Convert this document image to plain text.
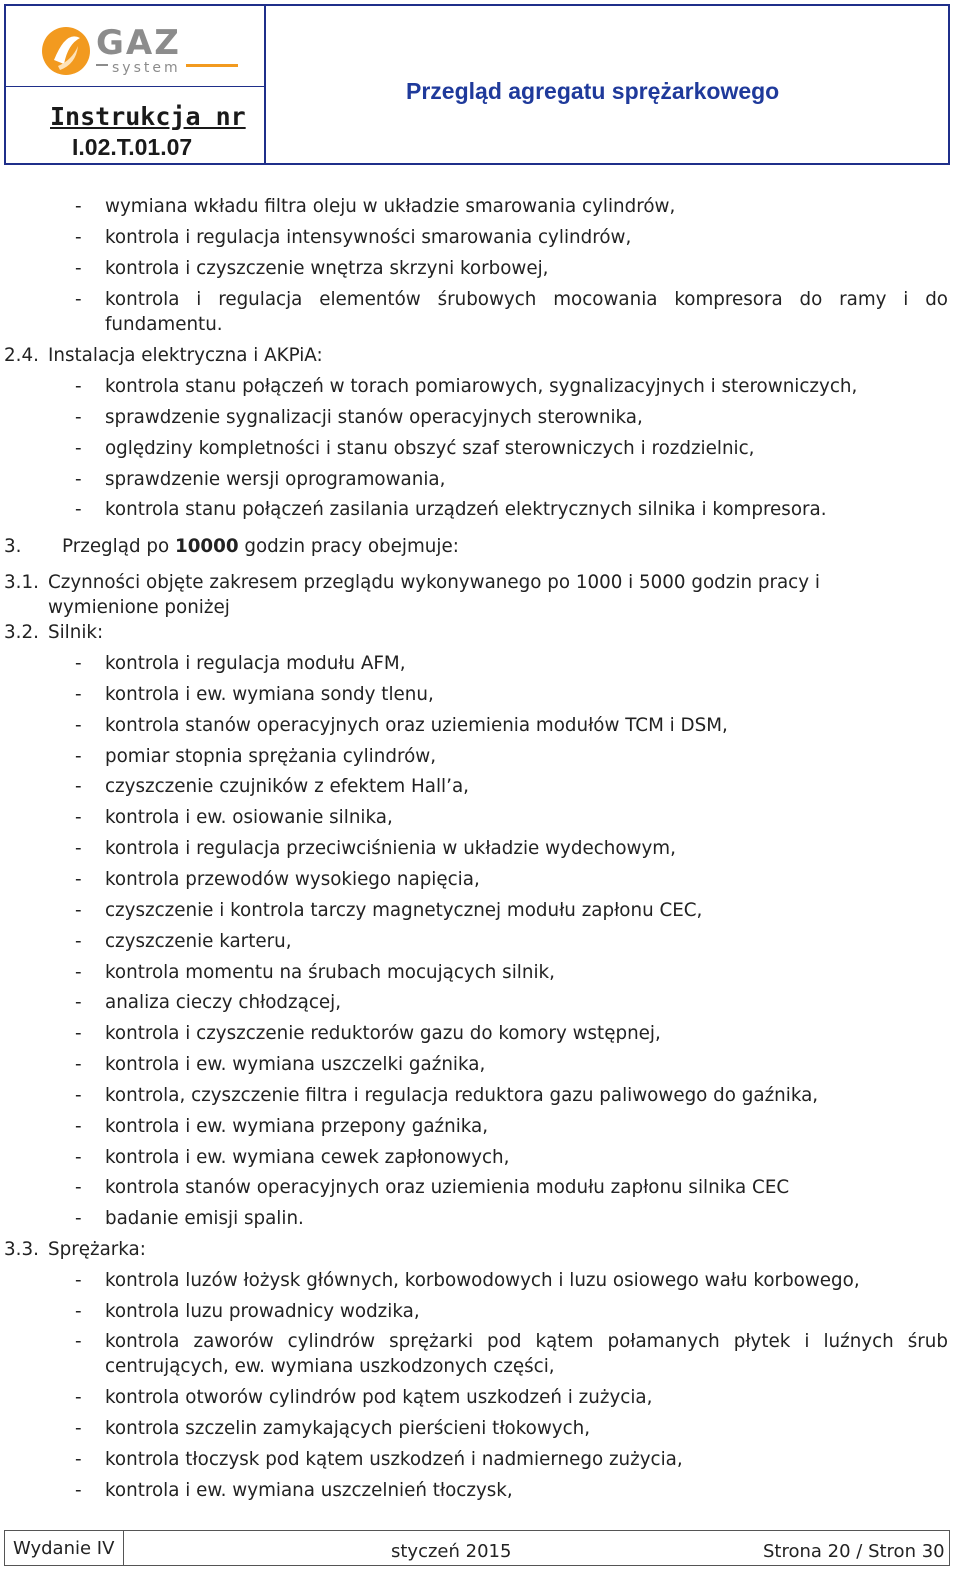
GAZ
system
Instrukcja nr
I.02.T.01.07
Przegląd agregatu sprężarkowego
- wymiana wkładu filtra oleju w układzie smarowania cylindrów,
- kontrola i regulacja intensywności smarowania cylindrów,
- kontrola i czyszczenie wnętrza skrzyni korbowej,
- kontrola i regulacja elementów śrubowych mocowania kompresora do ramy i do
fundamentu.
2.4. Instalacja elektryczna i AKPiA:
- kontrola stanu połączeń w torach pomiarowych, sygnalizacyjnych i sterowniczych,
- sprawdzenie sygnalizacji stanów operacyjnych sterownika,
- oględziny kompletności i stanu obszyć szaf sterowniczych i rozdzielnic,
- sprawdzenie wersji oprogramowania,
- kontrola stanu połączeń zasilania urządzeń elektrycznych silnika i kompresora.
3. Przegląd po 10000 godzin pracy obejmuje:
3.1. Czynności objęte zakresem przeglądu wykonywanego po 1000 i 5000 godzin pracy i
wymienione poniżej
3.2. Silnik:
- kontrola i regulacja modułu AFM,
- kontrola i ew. wymiana sondy tlenu,
- kontrola stanów operacyjnych oraz uziemienia modułów TCM i DSM,
- pomiar stopnia sprężania cylindrów,
- czyszczenie czujników z efektem Hall’a,
- kontrola i ew. osiowanie silnika,
- kontrola i regulacja przeciwciśnienia w układzie wydechowym,
- kontrola przewodów wysokiego napięcia,
- czyszczenie i kontrola tarczy magnetycznej modułu zapłonu CEC,
- czyszczenie karteru,
- kontrola momentu na śrubach mocujących silnik,
- analiza cieczy chłodzącej,
- kontrola i czyszczenie reduktorów gazu do komory wstępnej,
- kontrola i ew. wymiana uszczelki gaźnika,
- kontrola, czyszczenie filtra i regulacja reduktora gazu paliwowego do gaźnika,
- kontrola i ew. wymiana przepony gaźnika,
- kontrola i ew. wymiana cewek zapłonowych,
- kontrola stanów operacyjnych oraz uziemienia modułu zapłonu silnika CEC
- badanie emisji spalin.
3.3. Sprężarka:
- kontrola luzów łożysk głównych, korbowodowych i luzu osiowego wału korbowego,
- kontrola luzu prowadnicy wodzika,
- kontrola zaworów cylindrów sprężarki pod kątem połamanych płytek i luźnych śrub
centrujących, ew. wymiana uszkodzonych części,
- kontrola otworów cylindrów pod kątem uszkodzeń i zużycia,
- kontrola szczelin zamykających pierścieni tłokowych,
- kontrola tłoczysk pod kątem uszkodzeń i nadmiernego zużycia,
- kontrola i ew. wymiana uszczelnień tłoczysk,
Wydanie IV	styczeń 2015	Strona 20 / Stron 30
